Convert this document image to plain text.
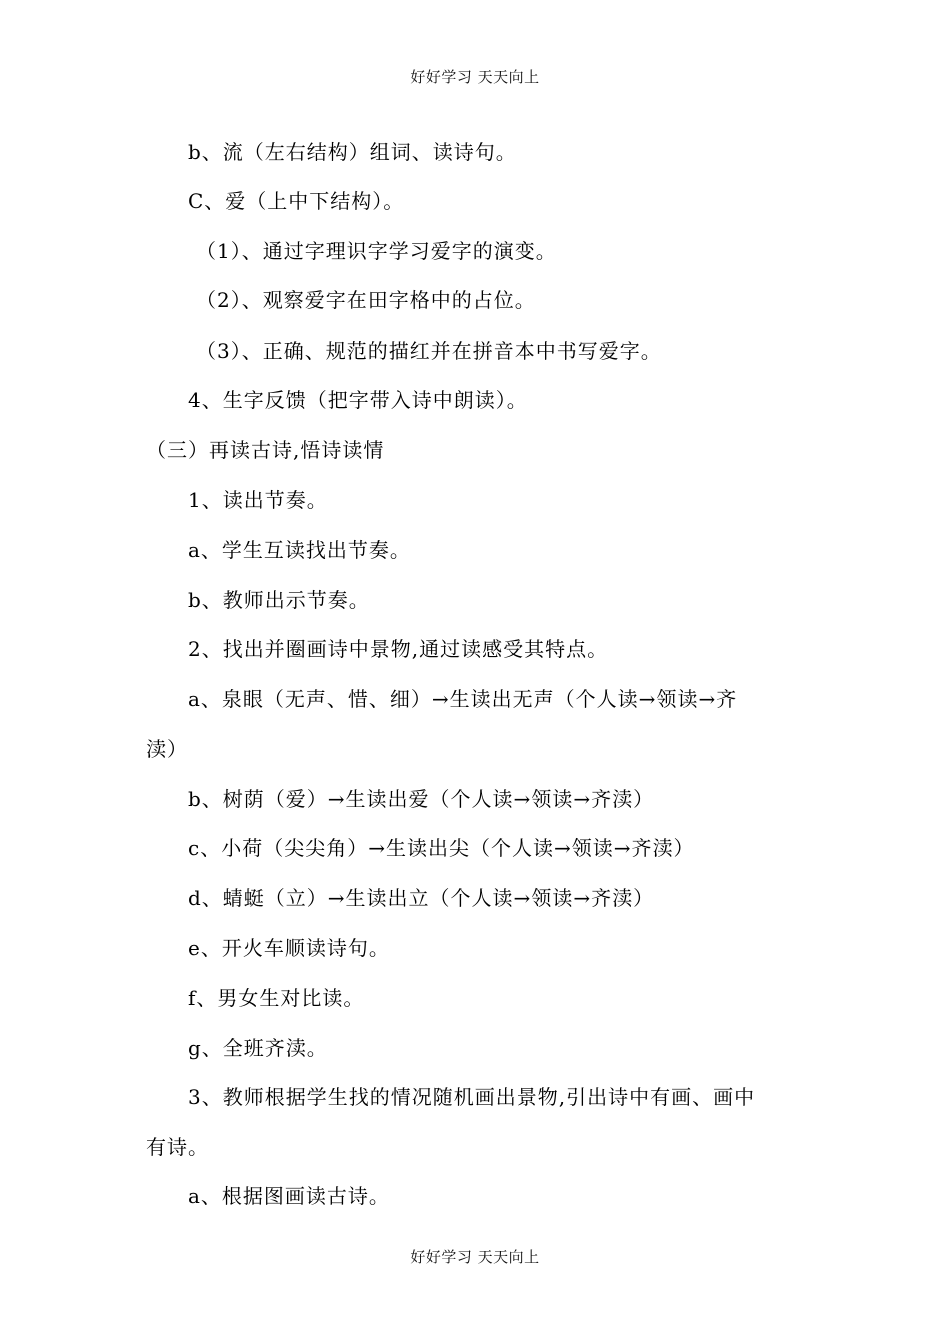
好好学习 天天向上
b、流（左右结构）组词、读诗句。
C、爱（上中下结构）。
（1）、通过字理识字学习爱字的演变。
（2）、观察爱字在田字格中的占位。
（3）、正确、规范的描红并在拼音本中书写爱字。
4、生字反馈（把字带入诗中朗读）。
（三）再读古诗,悟诗读情
1、读出节奏。
a、学生互读找出节奏。
b、教师出示节奏。
2、找出并圈画诗中景物,通过读感受其特点。
a、泉眼（无声、惜、细）→生读出无声（个人读→领读→齐
渎）
b、树荫（爱）→生读出爱（个人读→领读→齐渎）
c、小荷（尖尖角）→生读出尖（个人读→领读→齐渎）
d、蜻蜓（立）→生读出立（个人读→领读→齐渎）
e、开火车顺读诗句。
f、男女生对比读。
g、全班齐渎。
3、教师根据学生找的情况随机画出景物,引出诗中有画、画中
有诗。
a、根据图画读古诗。
好好学习 天天向上
